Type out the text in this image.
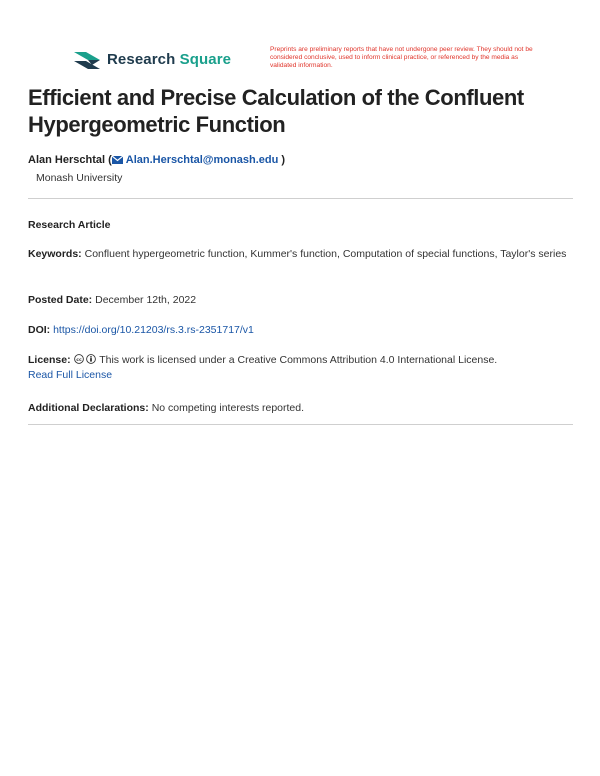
Research Square
Preprints are preliminary reports that have not undergone peer review. They should not be considered conclusive, used to inform clinical practice, or referenced by the media as validated information.
Efficient and Precise Calculation of the Confluent Hypergeometric Function
Alan Herschtal ( Alan.Herschtal@monash.edu )
Monash University
Research Article
Keywords: Confluent hypergeometric function, Kummer's function, Computation of special functions, Taylor's series
Posted Date: December 12th, 2022
DOI: https://doi.org/10.21203/rs.3.rs-2351717/v1
License: cc This work is licensed under a Creative Commons Attribution 4.0 International License.
Read Full License
Additional Declarations: No competing interests reported.
